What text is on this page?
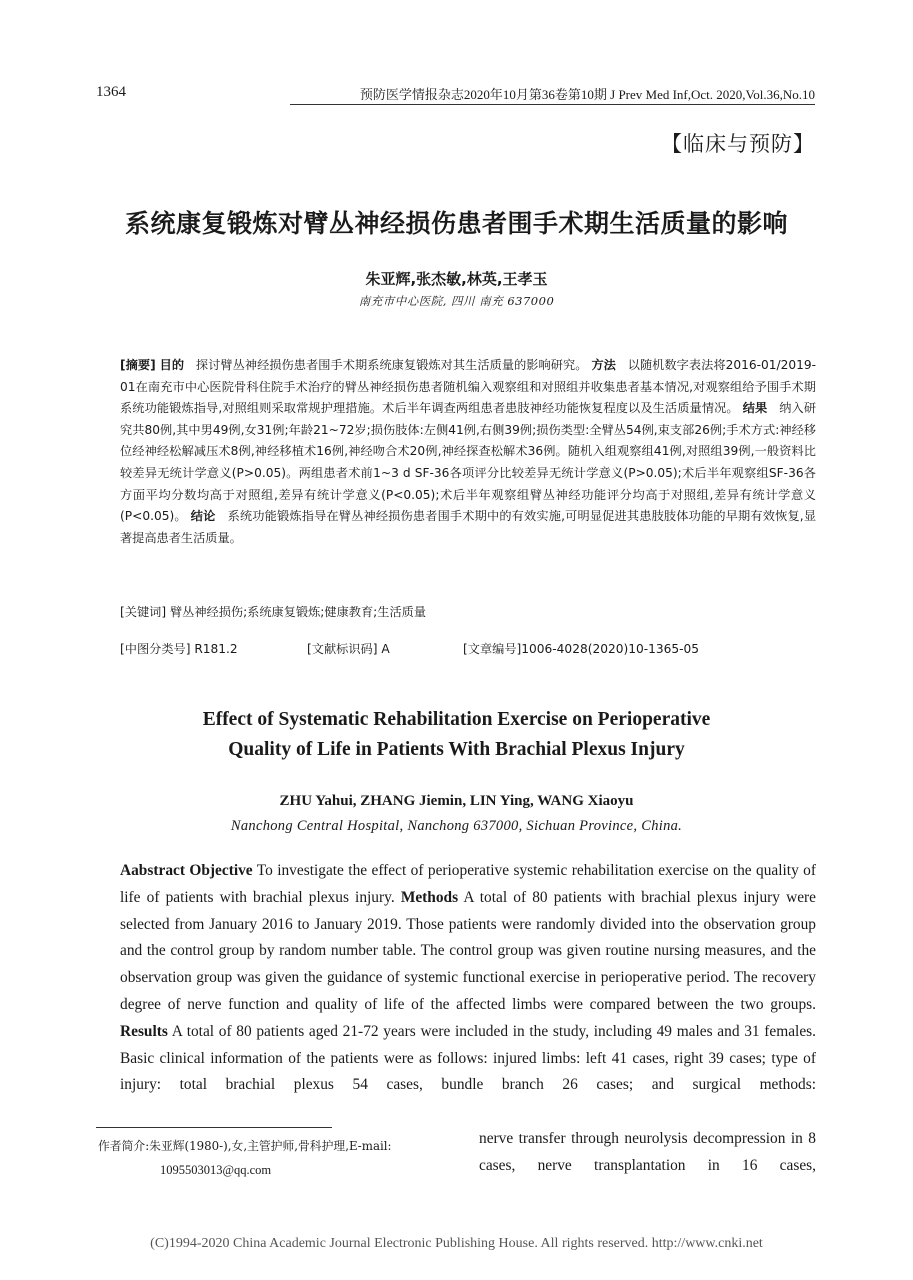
1364	预防医学情报杂志2020年10月第36卷第10期 J Prev Med Inf,Oct. 2020,Vol.36,No.10
【临床与预防】
系统康复锻炼对臂丛神经损伤患者围手术期生活质量的影响
朱亚辉,张杰敏,林英,王孝玉
南充市中心医院, 四川 南充 637000
[摘要] 目的 探讨臂丛神经损伤患者围手术期系统康复锻炼对其生活质量的影响研究。 方法 以随机数字表法将2016-01/2019-01在南充市中心医院骨科住院手术治疗的臂丛神经损伤患者随机编入观察组和对照组并收集患者基本情况,对观察组给予围手术期系统功能锻炼指导,对照组则采取常规护理措施。术后半年调查两组患者患肢神经功能恢复程度以及生活质量情况。 结果 纳入研究共80例,其中男49例,女31例;年龄21~72岁;损伤肢体:左侧41例,右侧39例;损伤类型:全臂丛54例,束支部26例;手术方式:神经移位经神经松解减压术8例,神经移植术16例,神经吻合术20例,神经探查松解术36例。随机入组观察组41例,对照组39例,一般资料比较差异无统计学意义(P>0.05)。两组患者术前1~3 d SF-36各项评分比较差异无统计学意义(P>0.05);术后半年观察组SF-36各方面平均分数均高于对照组,差异有统计学意义(P<0.05);术后半年观察组臂丛神经功能评分均高于对照组,差异有统计学意义(P<0.05)。 结论 系统功能锻炼指导在臂丛神经损伤患者围手术期中的有效实施,可明显促进其患肢肢体功能的早期有效恢复,显著提高患者生活质量。
[关键词] 臂丛神经损伤;系统康复锻炼;健康教育;生活质量
[中图分类号] R181.2	[文献标识码] A	[文章编号]1006-4028(2020)10-1365-05
Effect of Systematic Rehabilitation Exercise on Perioperative
Quality of Life in Patients With Brachial Plexus Injury
ZHU Yahui, ZHANG Jiemin, LIN Ying, WANG Xiaoyu
Nanchong Central Hospital, Nanchong 637000, Sichuan Province, China.
Aabstract Objective To investigate the effect of perioperative systemic rehabilitation exercise on the quality of life of patients with brachial plexus injury. Methods A total of 80 patients with brachial plexus injury were selected from January 2016 to January 2019. Those patients were randomly divided into the observation group and the control group by random number table. The control group was given routine nursing measures, and the observation group was given the guidance of systemic functional exercise in perioperative period. The recovery degree of nerve function and quality of life of the affected limbs were compared between the two groups. Results A total of 80 patients aged 21-72 years were included in the study, including 49 males and 31 females. Basic clinical information of the patients were as follows: injured limbs: left 41 cases, right 39 cases; type of injury: total brachial plexus 54 cases, bundle branch 26 cases; and surgical methods:
作者简介:朱亚辉(1980-),女,主管护师,骨科护理,E-mail:
1095503013@qq.com
nerve transfer through neurolysis decompression in 8 cases, nerve transplantation in 16 cases,
(C)1994-2020 China Academic Journal Electronic Publishing House. All rights reserved. http://www.cnki.net
